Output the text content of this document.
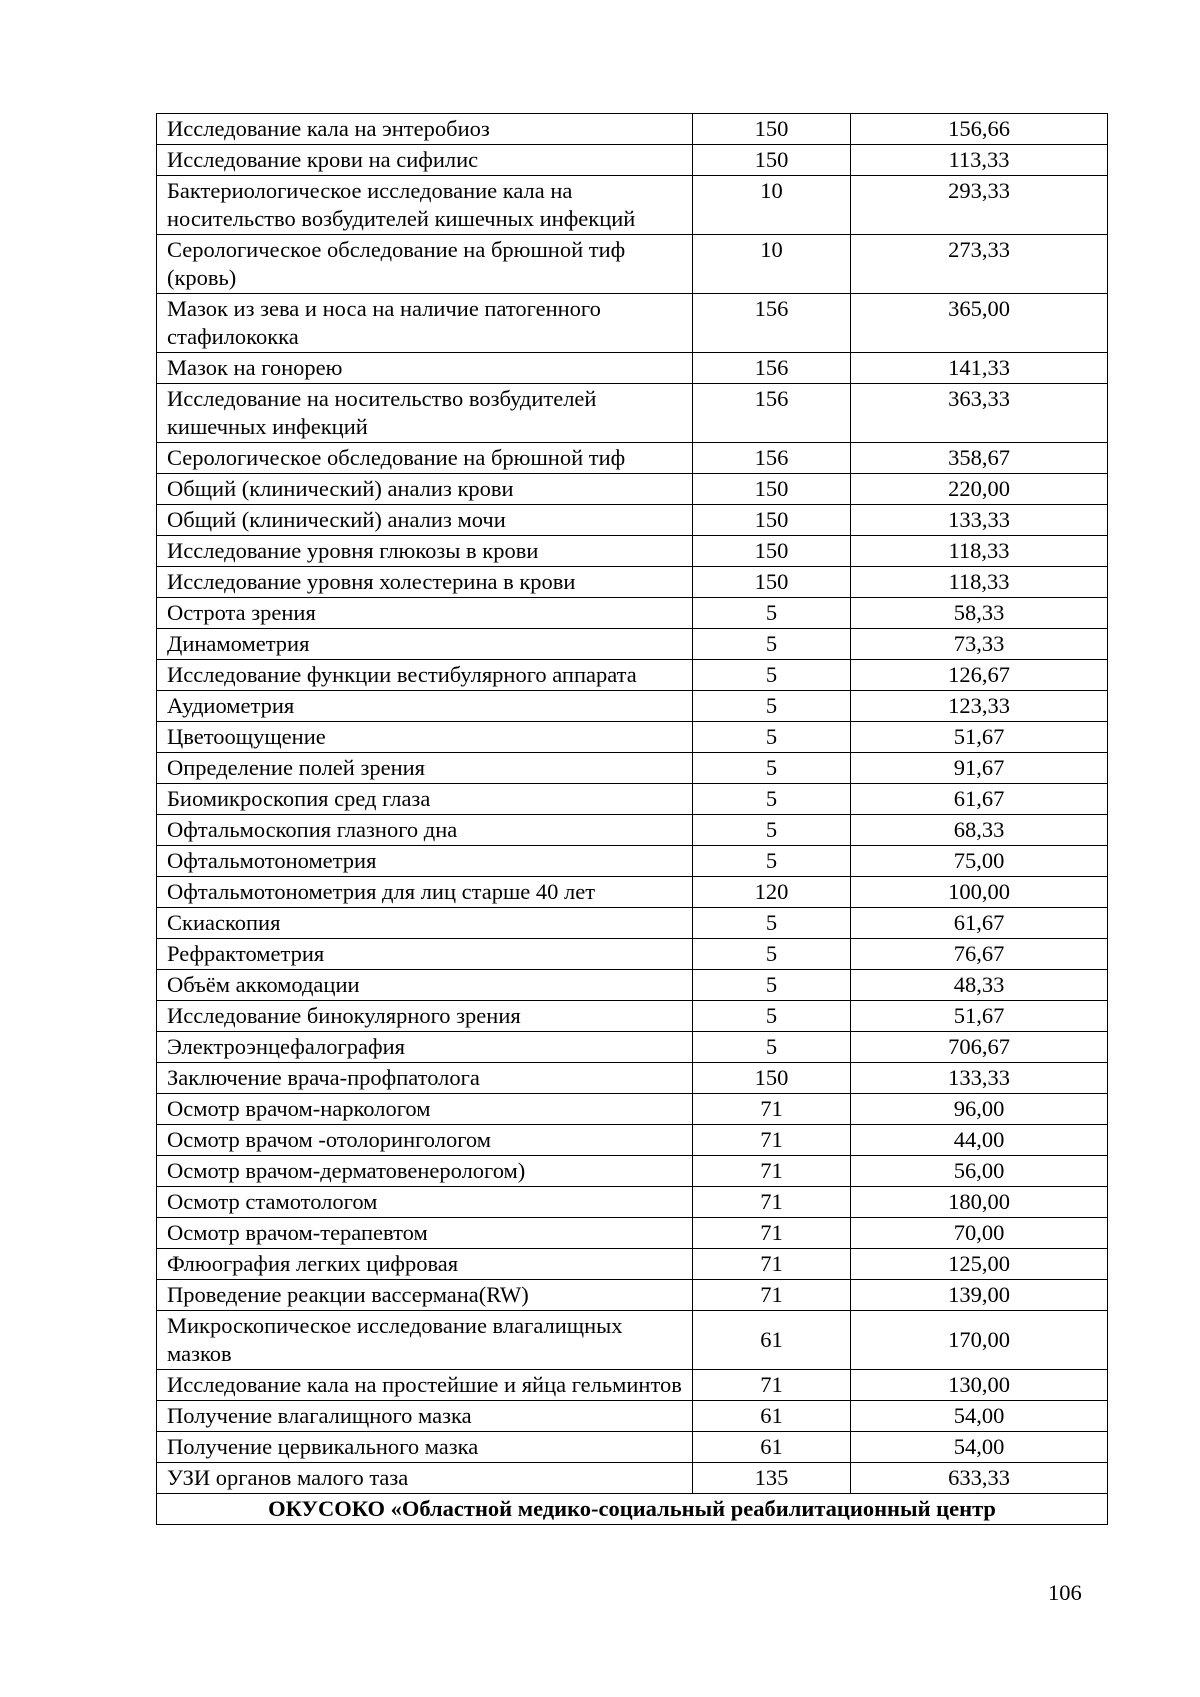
Исследование кала на энтеробиоз	150	156,66
Исследование крови на сифилис	150	113,33
Бактериологическое исследование кала на носительство возбудителей кишечных инфекций	10	293,33
Серологическое обследование на брюшной тиф (кровь)	10	273,33
Мазок из зева и носа на наличие патогенного стафилококка	156	365,00
Мазок на гонорею	156	141,33
Исследование на носительство возбудителей кишечных инфекций	156	363,33
Серологическое обследование на брюшной тиф	156	358,67
Общий (клинический) анализ крови	150	220,00
Общий (клинический) анализ мочи	150	133,33
Исследование уровня глюкозы в крови	150	118,33
Исследование уровня холестерина в крови	150	118,33
Острота зрения	5	58,33
Динамометрия	5	73,33
Исследование функции вестибулярного аппарата	5	126,67
Аудиометрия	5	123,33
Цветоощущение	5	51,67
Определение полей зрения	5	91,67
Биомикроскопия сред глаза	5	61,67
Офтальмоскопия глазного дна	5	68,33
Офтальмотонометрия	5	75,00
Офтальмотонометрия для лиц старше 40 лет	120	100,00
Скиаскопия	5	61,67
Рефрактометрия	5	76,67
Объём аккомодации	5	48,33
Исследование бинокулярного зрения	5	51,67
Электроэнцефалография	5	706,67
Заключение врача-профпатолога	150	133,33
Осмотр врачом-наркологом	71	96,00
Осмотр врачом -отолорингологом	71	44,00
Осмотр врачом-дерматовенерологом)	71	56,00
Осмотр стамотологом	71	180,00
Осмотр врачом-терапевтом	71	70,00
Флюография легких цифровая	71	125,00
Проведение реакции вассермана(RW)	71	139,00
Микроскопическое исследование влагалищных мазков	61	170,00
Исследование кала на простейшие и яйца гельминтов	71	130,00
Получение влагалищного мазка	61	54,00
Получение цервикального мазка	61	54,00
УЗИ органов малого таза	135	633,33
ОКУСОКО «Областной медико-социальный реабилитационный центр		
106
